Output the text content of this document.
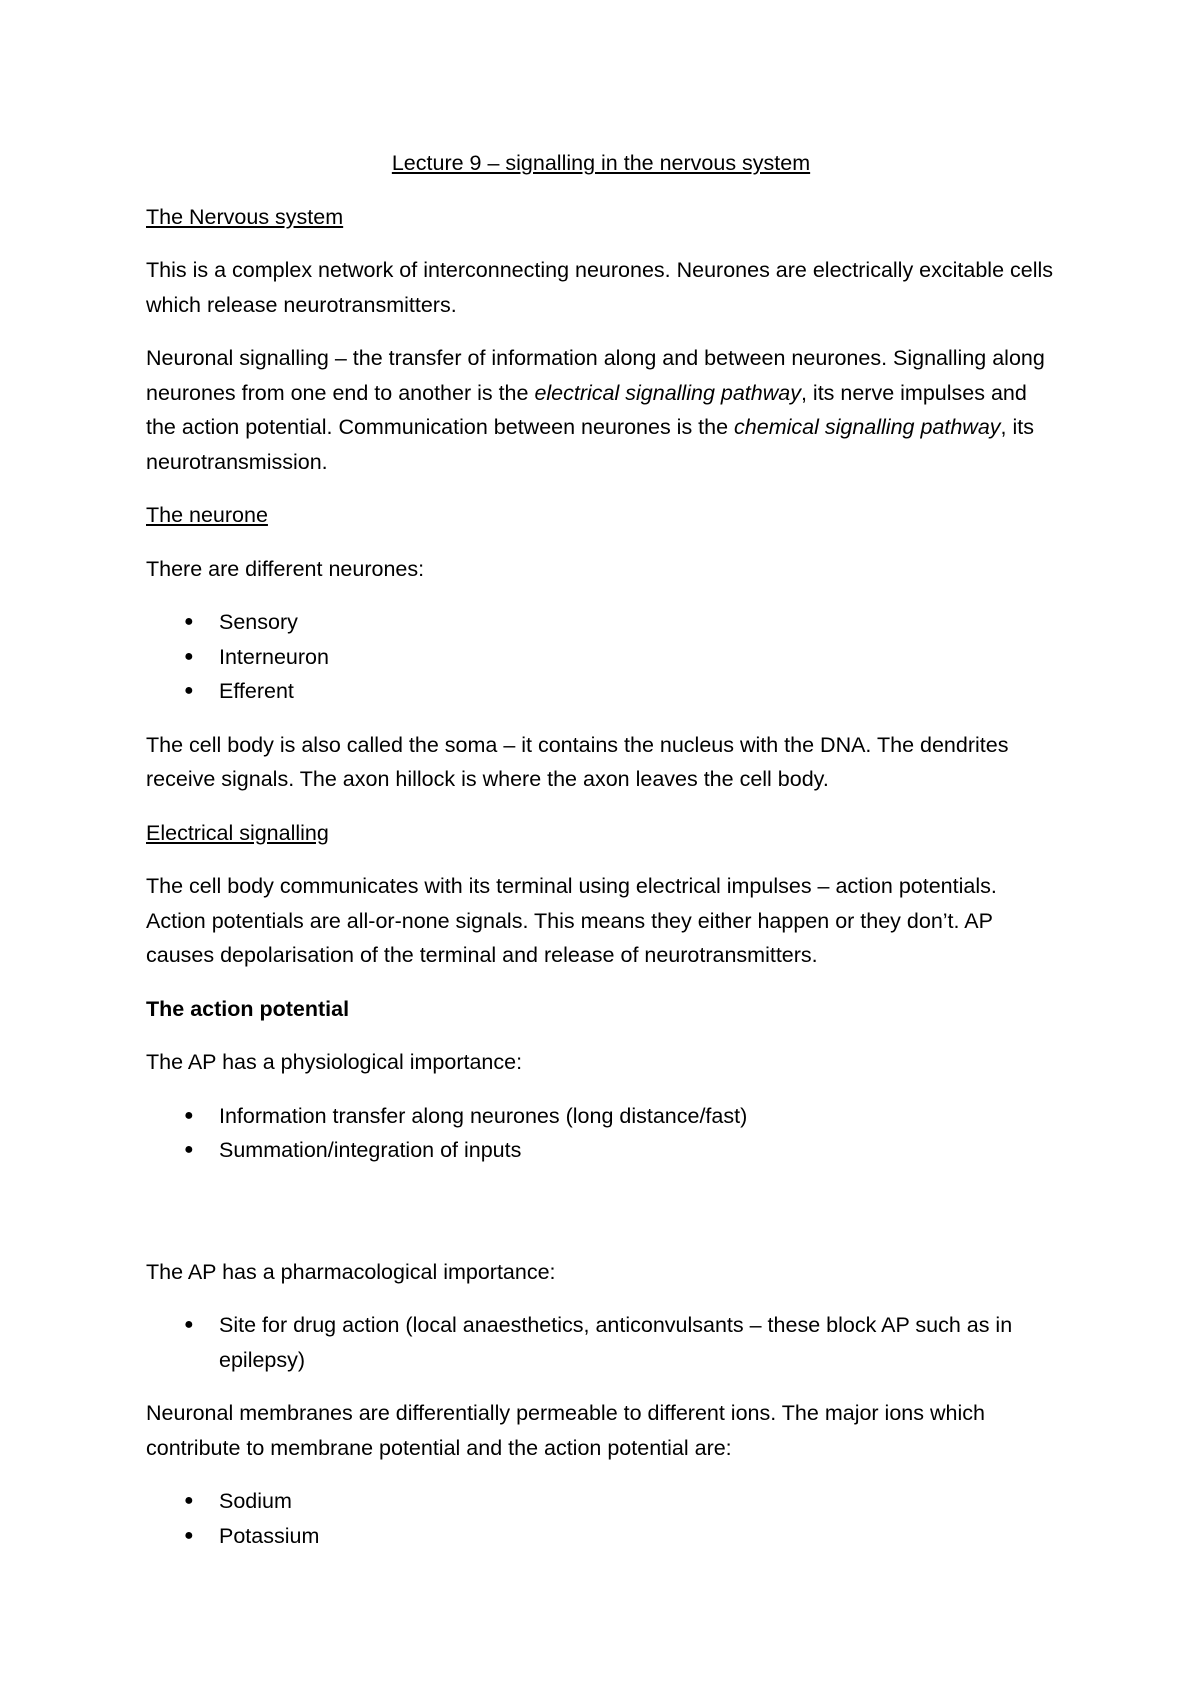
Lecture 9 – signalling in the nervous system
The Nervous system

This is a complex network of interconnecting neurones. Neurones are electrically excitable cells which release neurotransmitters.

Neuronal signalling – the transfer of information along and between neurones. Signalling along neurones from one end to another is the electrical signalling pathway, its nerve impulses and the action potential. Communication between neurones is the chemical signalling pathway, its neurotransmission.

The neurone

There are different neurones:

● Sensory
● Interneuron
● Efferent

The cell body is also called the soma – it contains the nucleus with the DNA. The dendrites receive signals. The axon hillock is where the axon leaves the cell body.

Electrical signalling

The cell body communicates with its terminal using electrical impulses – action potentials. Action potentials are all-or-none signals. This means they either happen or they don’t. AP causes depolarisation of the terminal and release of neurotransmitters.

The action potential

The AP has a physiological importance:

● Information transfer along neurones (long distance/fast)
● Summation/integration of inputs

The AP has a pharmacological importance:

● Site for drug action (local anaesthetics, anticonvulsants – these block AP such as in epilepsy)

Neuronal membranes are differentially permeable to different ions. The major ions which contribute to membrane potential and the action potential are:

● Sodium
● Potassium
